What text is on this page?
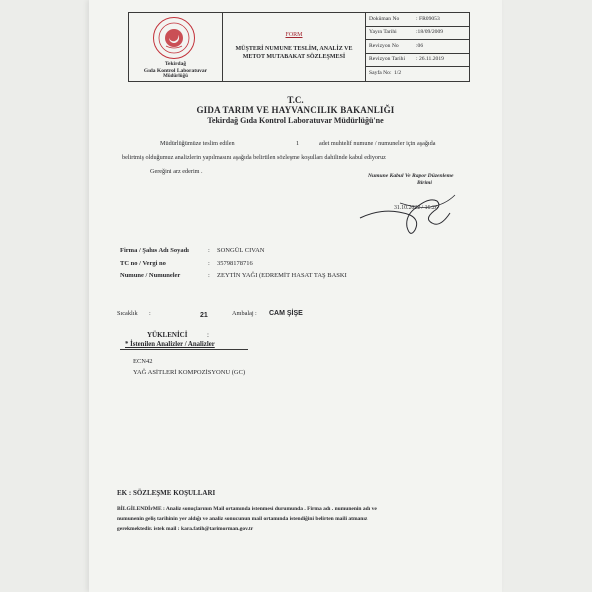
Tekirdağ
Gıda Kontrol Laboratuvar
Müdürlüğü
FORM
MÜŞTERİ NUMUNE TESLİM, ANALİZ VE
METOT MUTABAKAT SÖZLEŞMESİ
Doküman No	: FR09053
Yayın Tarihi	:18/09/2009
Revizyon No	:06
Revizyon Tarihi : 26.11.2019
Sayfa No: 1/2
T.C.
GIDA TARIM VE HAYVANCILIK BAKANLIĞI
Tekirdağ Gıda Kontrol Laboratuvar Müdürlüğü'ne
Müdürlüğümüze teslim edilen	1	adet muhtelif numune / numuneler için aşağıda
belirtmiş olduğumuz analizlerin yapılmasını aşağıda belirtilen sözleşme koşulları dahilinde kabul ediyoruz
Gereğini arz ederim .
Numune Kabul Ve Rapor Düzenleme
Birimi
31.10.2022 / 16:26
Firma / Şahıs Adı Soyadı	: SONGÜL CIVAN
TC no / Vergi no	: 35798178716
Numune / Numuneler	: ZEYTİN YAĞI (EDREMİT HASAT TAŞ BASKI
Sıcaklık :	21	Ambalaj : CAM ŞİŞE
YÜKLENİCİ	:
* İstenilen Analizler / Analizler
ECN42
YAĞ ASİTLERİ KOMPOZİSYONU (GC)
EK : SÖZLEŞME KOŞULLARI
BİLGİLENDİrME : Analiz sonuçlarının Mail ortamında istenmesi durumunda . Firma adı . numunenin adı ve
numunenin geliş tarihinin yer aldığı ve analiz sonucunun mail ortamında istendiğini belirten maili atmanız
gerekmektedir. istek mail : kara.fatih@tarimorman.gov.tr
